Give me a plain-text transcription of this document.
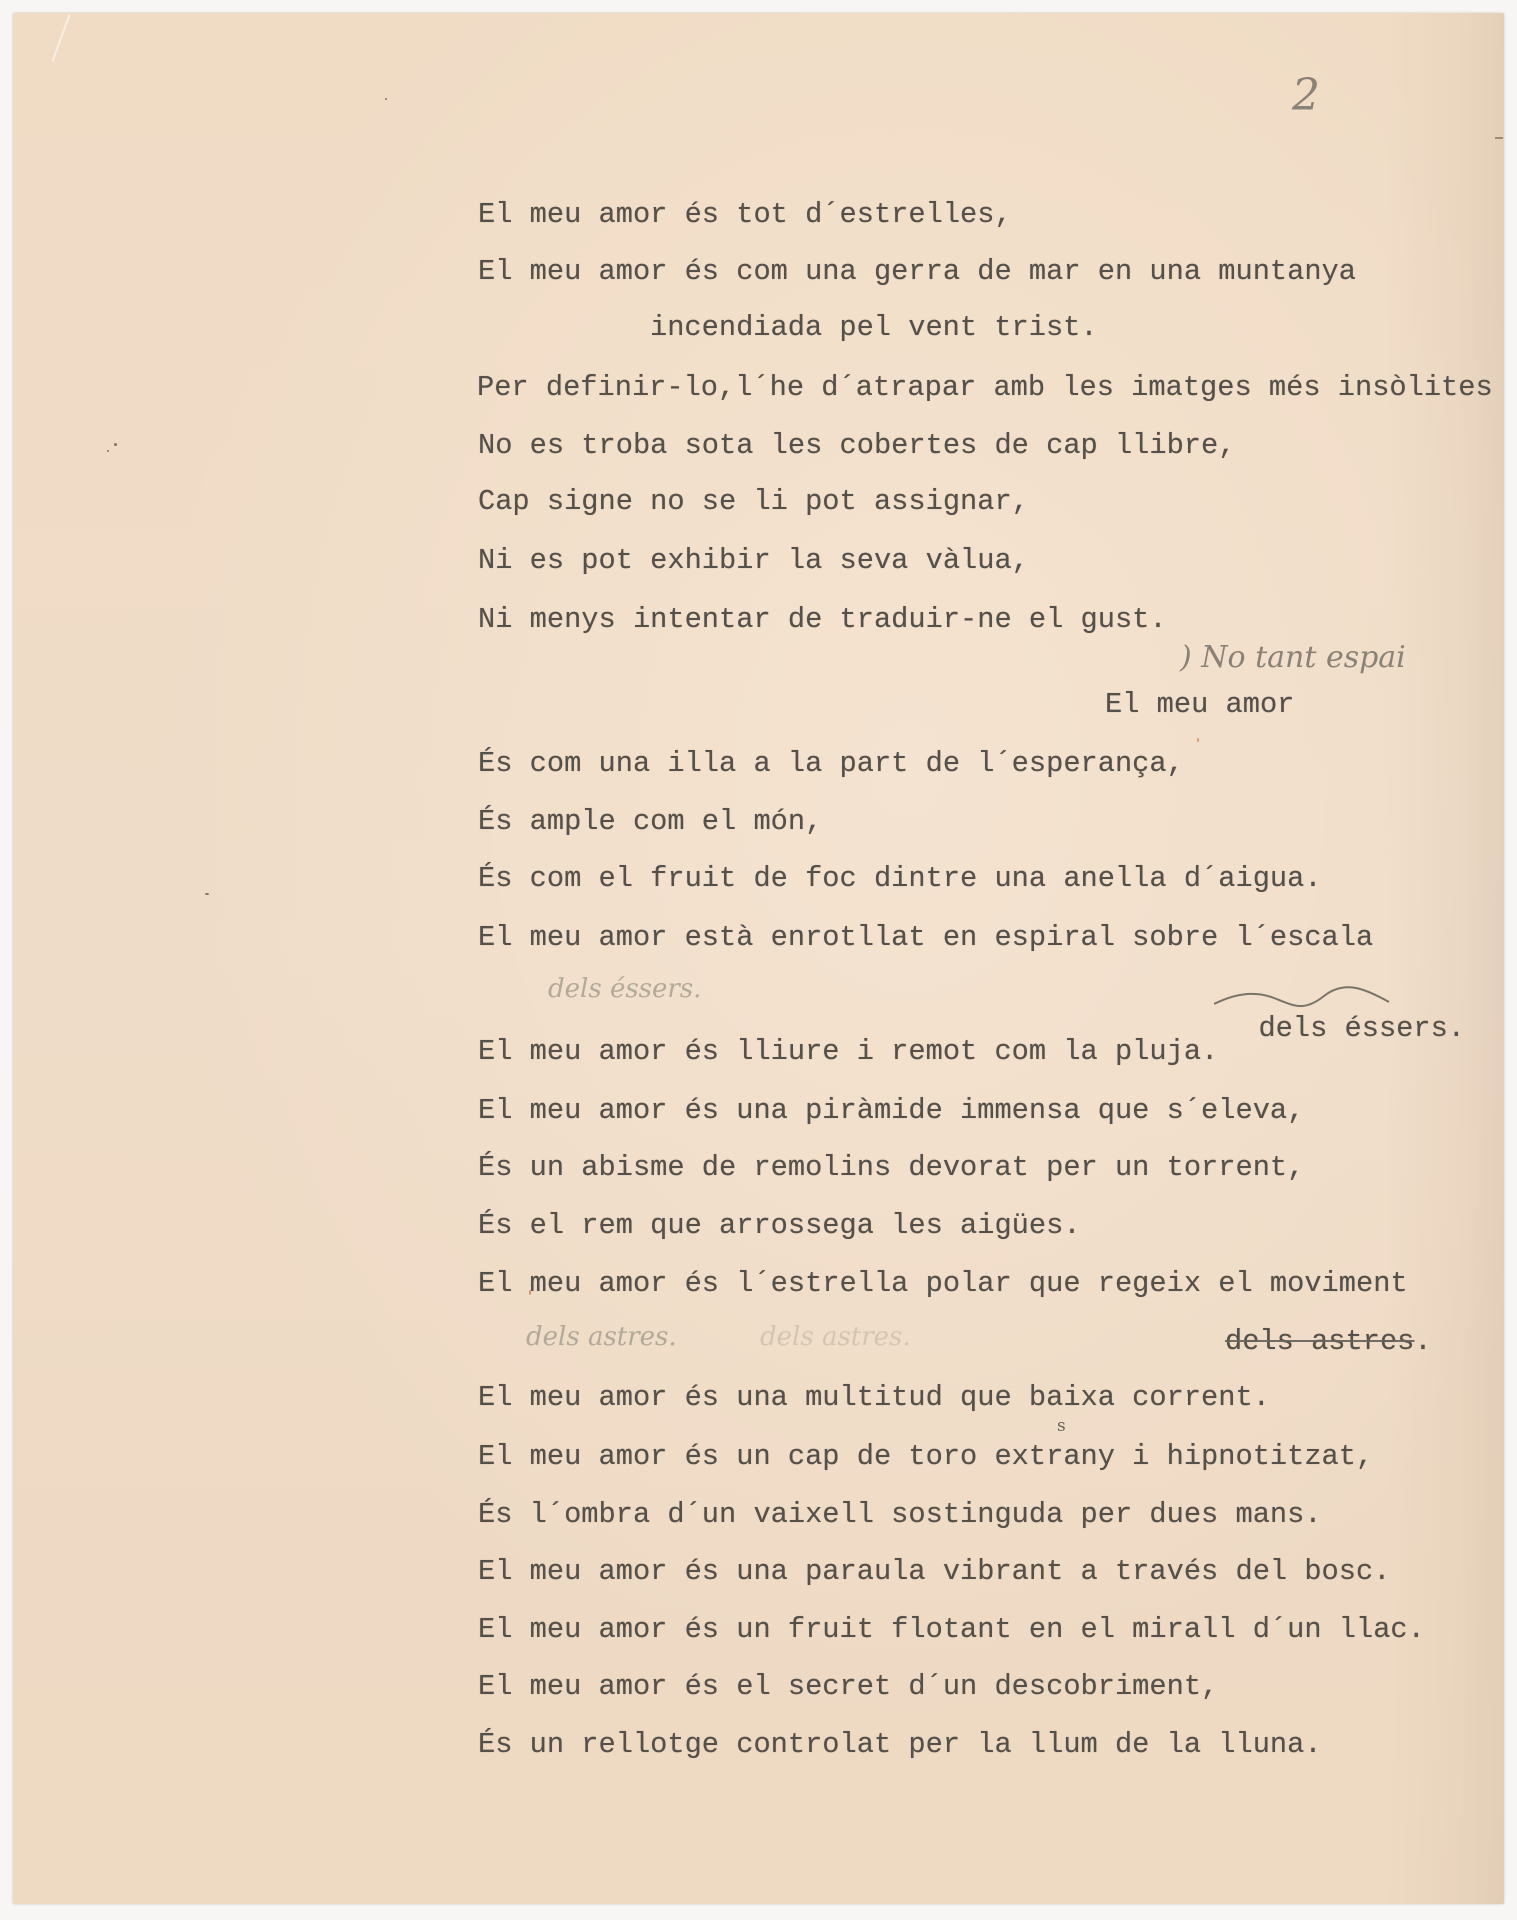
2
El meu amor és tot d´estrelles,
El meu amor és com una gerra de mar en una muntanya
incendiada pel vent trist.
Per definir-lo,l´he d´atrapar amb les imatges més insòlites
No es troba sota les cobertes de cap llibre,
Cap signe no se li pot assignar,
Ni es pot exhibir la seva vàlua,
Ni menys intentar de traduir-ne el gust.
) No tant espai
El meu amor
És com una illa a la part de l´esperança,
És ample com el món,
És com el fruit de foc dintre una anella d´aigua.
El meu amor està enrotllat en espiral sobre l´escala
dels éssers.

dels éssers.

El meu amor és lliure i remot com la pluja.
El meu amor és una piràmide immensa que s´eleva,
És un abisme de remolins devorat per un torrent,
És el rem que arrossega les aigües.
El meu amor és l´estrella polar que regeix el moviment
dels astres.	dels astres.	dels astres.
El meu amor és una multitud que baixa corrent.
s
El meu amor és un cap de toro extrany i hipnotitzat,
És l´ombra d´un vaixell sostinguda per dues mans.
El meu amor és una paraula vibrant a través del bosc.
El meu amor és un fruit flotant en el mirall d´un llac.
El meu amor és el secret d´un descobriment,
És un rellotge controlat per la llum de la lluna.
